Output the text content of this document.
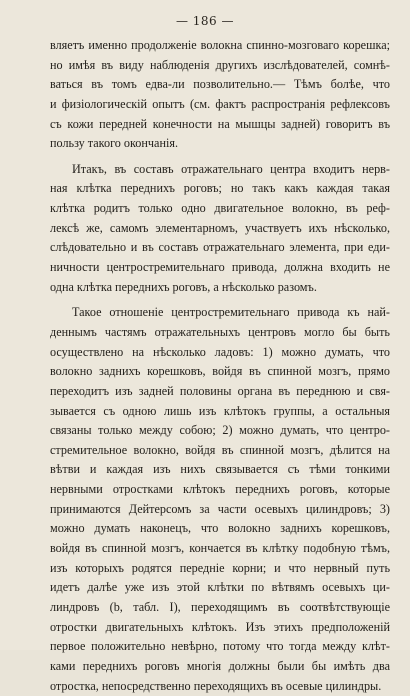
— 186 —
вляетъ именно продолженіе волокна спинно-мозговаго корешка;
но имѣя въ виду наблюденія другихъ изслѣдователей, сомнѣ-
ваться въ томъ едва-ли позволительно.— Тѣмъ болѣе, что
и физіологическій опытъ (см. фактъ распространія рефлексовъ
съ кожи передней конечности на мышцы задней) говоритъ въ
пользу такого окончанія.
Итакъ, въ составъ отражательнаго центра входитъ нерв-
ная клѣтка переднихъ роговъ; но такъ какъ каждая такая
клѣтка родитъ только одно двигательное волокно, въ реф-
лексѣ же, самомъ элементарномъ, участвуетъ ихъ нѣсколько,
слѣдовательно и въ составъ отражательнаго элемента, при еди-
ничности центростремительнаго привода, должна входить не
одна клѣтка переднихъ роговъ, а нѣсколько разомъ.
Такое отношеніе центростремительнаго привода къ най-
деннымъ частямъ отражательныхъ центровъ могло бы быть
осуществлено на нѣсколько ладовъ: 1) можно думать, что
волокно заднихъ корешковъ, войдя въ спинной мозгъ, прямо
переходитъ изъ задней половины органа въ переднюю и свя-
зывается съ одною лишь изъ клѣтокъ группы, а остальныя
связаны только между собою; 2) можно думать, что центро-
стремительное волокно, войдя въ спинной мозгъ, дѣлится на
вѣтви и каждая изъ нихъ связывается съ тѣми тонкими
нервными отростками клѣтокъ переднихъ роговъ, которые
принимаются Дейтерсомъ за части осевыхъ цилиндровъ; 3)
можно думать наконецъ, что волокно заднихъ корешковъ,
войдя въ спинной мозгъ, кончается въ клѣтку подобную тѣмъ,
изъ которыхъ родятся передніе корни; и что нервный путь
идетъ далѣе уже изъ этой клѣтки по вѣтвямъ осевыхъ ци-
линдровъ (b, табл. I), переходящимъ въ соотвѣтствующіе
отростки двигательныхъ клѣтокъ. Изъ этихъ предположеній
первое положительно невѣрно, потому что тогда между клѣт-
ками переднихъ роговъ многія должны были бы имѣть два
отростка, непосредственно переходящихъ въ осевые цилиндры.
